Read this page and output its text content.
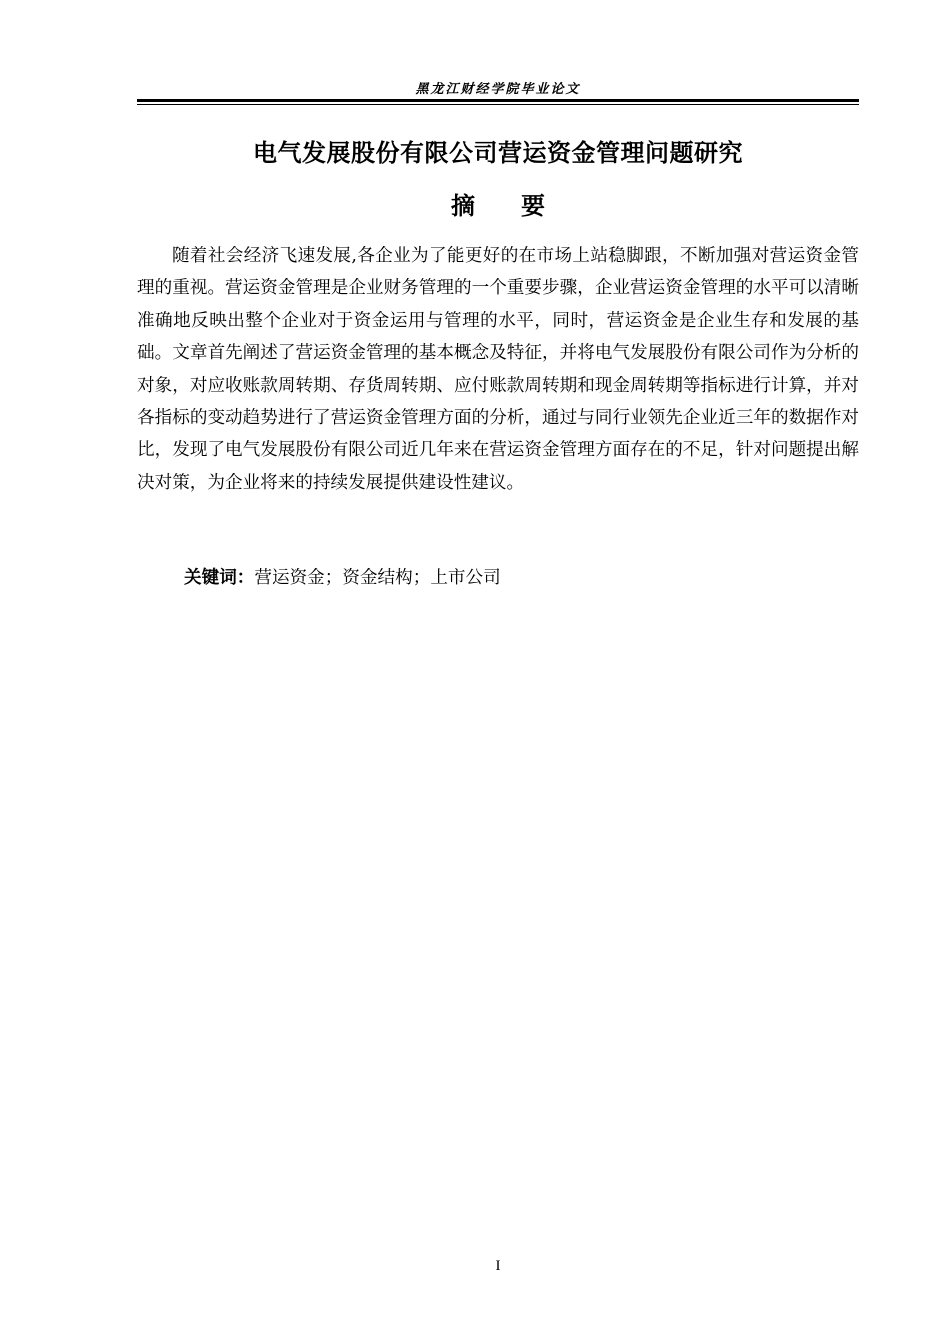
黑龙江财经学院毕业论文
电气发展股份有限公司营运资金管理问题研究
摘 要

随着社会经济飞速发展,各企业为了能更好的在市场上站稳脚跟，不断加强对营运资金管理的重视。营运资金管理是企业财务管理的一个重要步骤，企业营运资金管理的水平可以清晰准确地反映出整个企业对于资金运用与管理的水平，同时，营运资金是企业生存和发展的基础。文章首先阐述了营运资金管理的基本概念及特征，并将电气发展股份有限公司作为分析的对象，对应收账款周转期、存货周转期、应付账款周转期和现金周转期等指标进行计算，并对各指标的变动趋势进行了营运资金管理方面的分析，通过与同行业领先企业近三年的数据作对比，发现了电气发展股份有限公司近几年来在营运资金管理方面存在的不足，针对问题提出解决对策，为企业将来的持续发展提供建设性建议。

关键词：营运资金；资金结构；上市公司
I
